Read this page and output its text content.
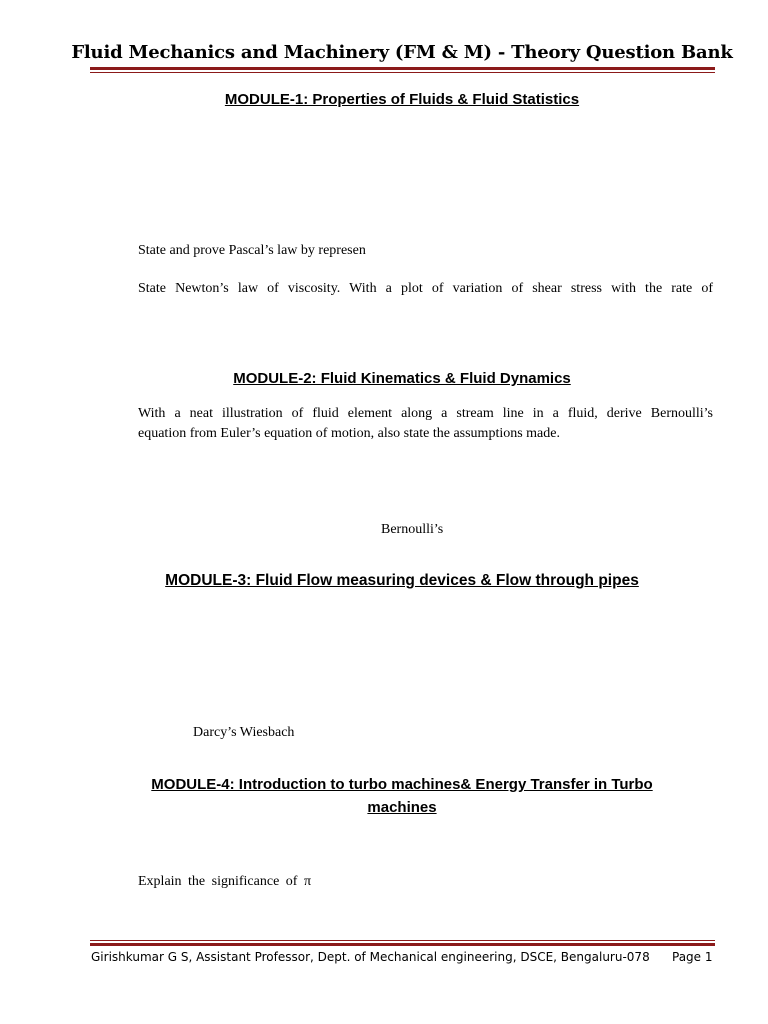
Fluid Mechanics and Machinery (FM & M) - Theory Question Bank
MODULE-1: Properties of Fluids & Fluid Statistics
State and prove Pascal’s law by represen
State Newton’s law of viscosity. With a plot of variation of shear stress with the rate of
MODULE-2: Fluid Kinematics & Fluid Dynamics
With a neat illustration of fluid element along a stream line in a fluid, derive Bernoulli’s
equation from Euler’s equation of motion, also state the assumptions made.
Bernoulli’s
MODULE-3: Fluid Flow measuring devices & Flow through pipes
Darcy’s Wiesbach
MODULE-4: Introduction to turbo machines& Energy Transfer in Turbo
machines
Explain the significance of π
Girishkumar G S, Assistant Professor, Dept. of Mechanical engineering, DSCE, Bengaluru-078 Page 1
